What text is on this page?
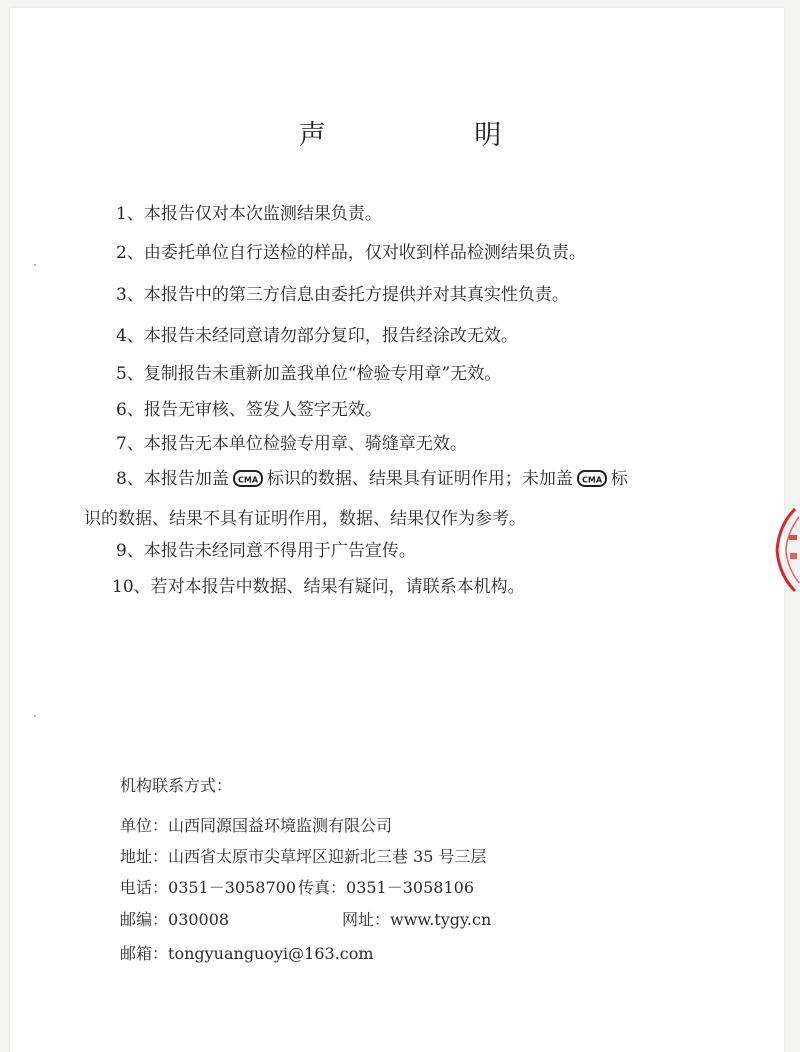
声 明
1、本报告仅对本次监测结果负责。
2、由委托单位自行送检的样品，仅对收到样品检测结果负责。
3、本报告中的第三方信息由委托方提供并对其真实性负责。
4、本报告未经同意请勿部分复印，报告经涂改无效。
5、复制报告未重新加盖我单位“检验专用章”无效。
6、报告无审核、签发人签字无效。
7、本报告无本单位检验专用章、骑缝章无效。
8、本报告加盖 CMA 标识的数据、结果具有证明作用；未加盖 CMA 标
识的数据、结果不具有证明作用，数据、结果仅作为参考。
9、本报告未经同意不得用于广告宣传。
10、若对本报告中数据、结果有疑问，请联系本机构。
机构联系方式：
单位：山西同源国益环境监测有限公司
地址：山西省太原市尖草坪区迎新北三巷 35 号三层
电话：0351－3058700 传真：0351－3058106
邮编：030008	网址：www.tygy.cn
邮箱：tongyuanguoyi@163.com
